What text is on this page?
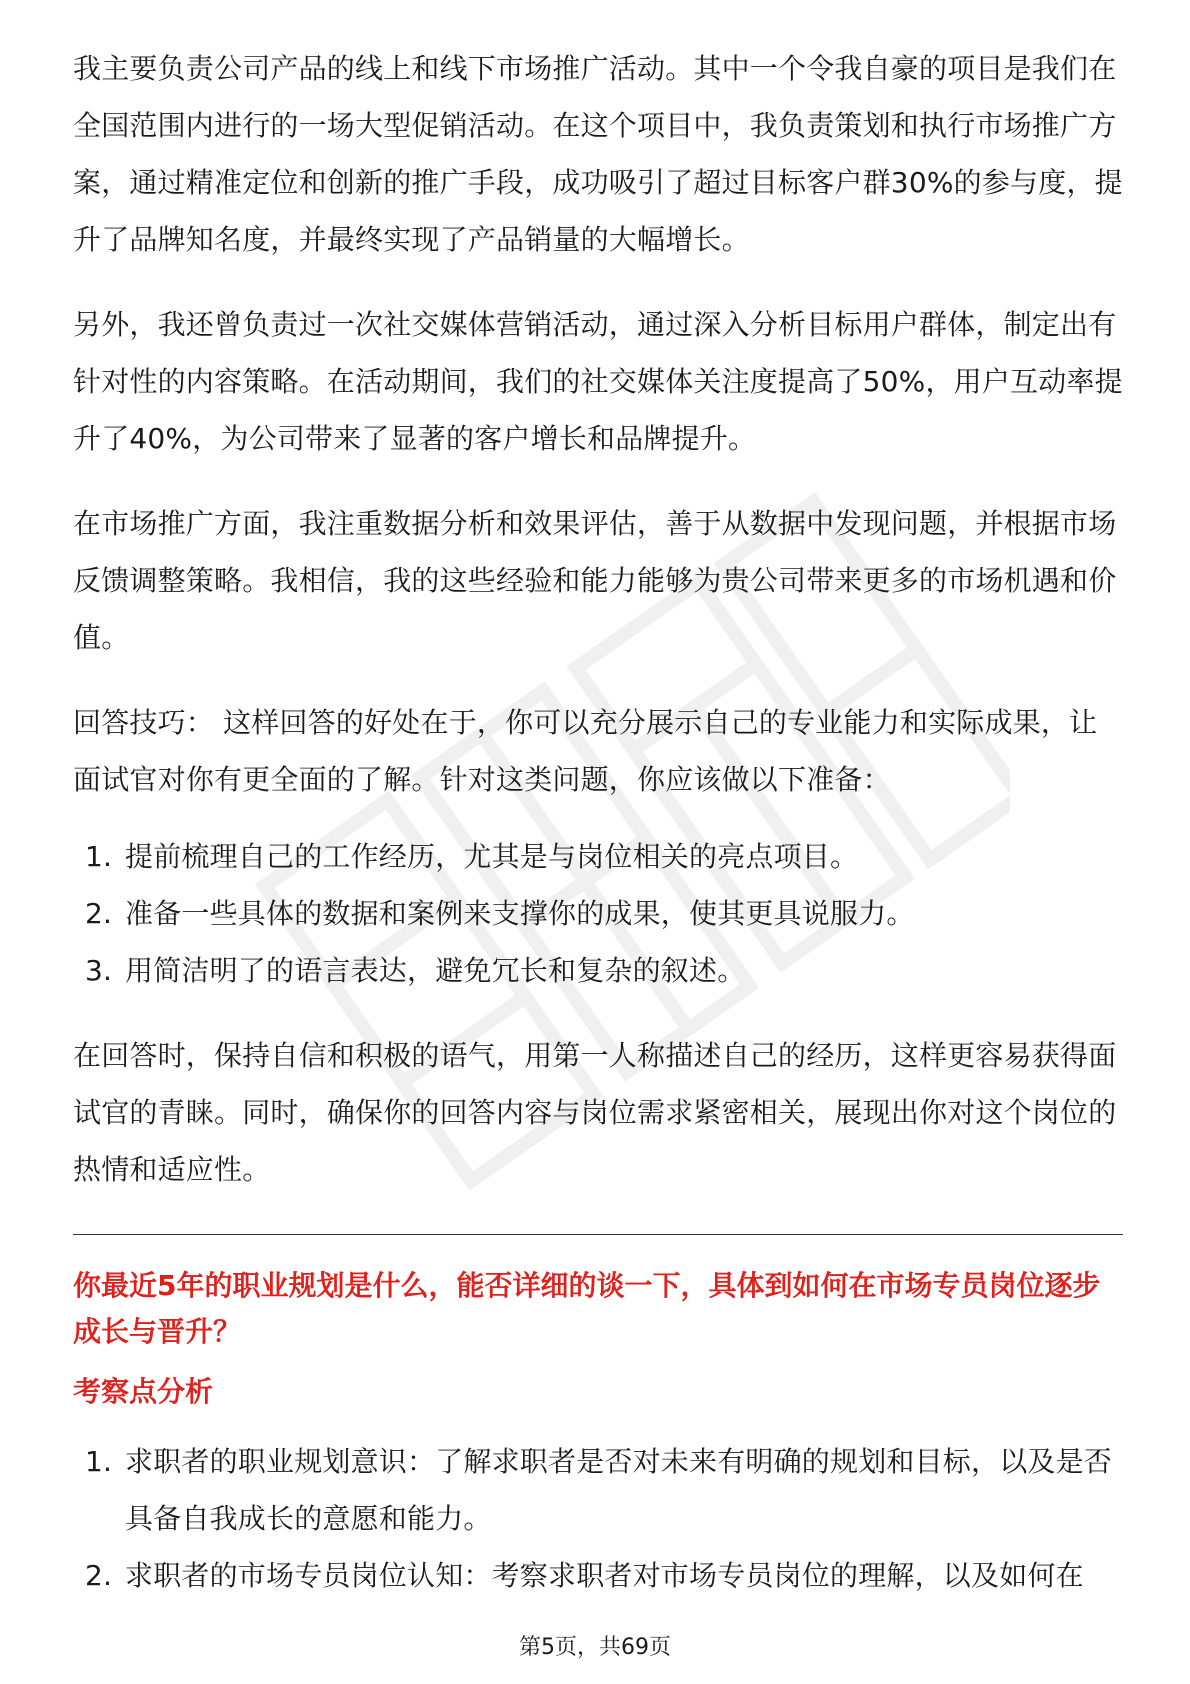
我主要负责公司产品的线上和线下市场推广活动。其中一个令我自豪的项目是我们在全国范围内进行的一场大型促销活动。在这个项目中，我负责策划和执行市场推广方案，通过精准定位和创新的推广手段，成功吸引了超过目标客户群30%的参与度，提升了品牌知名度，并最终实现了产品销量的大幅增长。

另外，我还曾负责过一次社交媒体营销活动，通过深入分析目标用户群体，制定出有针对性的内容策略。在活动期间，我们的社交媒体关注度提高了50%，用户互动率提升了40%，为公司带来了显著的客户增长和品牌提升。

在市场推广方面，我注重数据分析和效果评估，善于从数据中发现问题，并根据市场反馈调整策略。我相信，我的这些经验和能力能够为贵公司带来更多的市场机遇和价值。

回答技巧： 这样回答的好处在于，你可以充分展示自己的专业能力和实际成果，让面试官对你有更全面的了解。针对这类问题，你应该做以下准备：

1. 提前梳理自己的工作经历，尤其是与岗位相关的亮点项目。
2. 准备一些具体的数据和案例来支撑你的成果，使其更具说服力。
3. 用简洁明了的语言表达，避免冗长和复杂的叙述。

在回答时，保持自信和积极的语气，用第一人称描述自己的经历，这样更容易获得面试官的青睐。同时，确保你的回答内容与岗位需求紧密相关，展现出你对这个岗位的热情和适应性。

你最近5年的职业规划是什么，能否详细的谈一下，具体到如何在市场专员岗位逐步成长与晋升？
考察点分析
1. 求职者的职业规划意识：了解求职者是否对未来有明确的规划和目标，以及是否具备自我成长的意愿和能力。
2. 求职者的市场专员岗位认知：考察求职者对市场专员岗位的理解，以及如何在
第5页，共69页
